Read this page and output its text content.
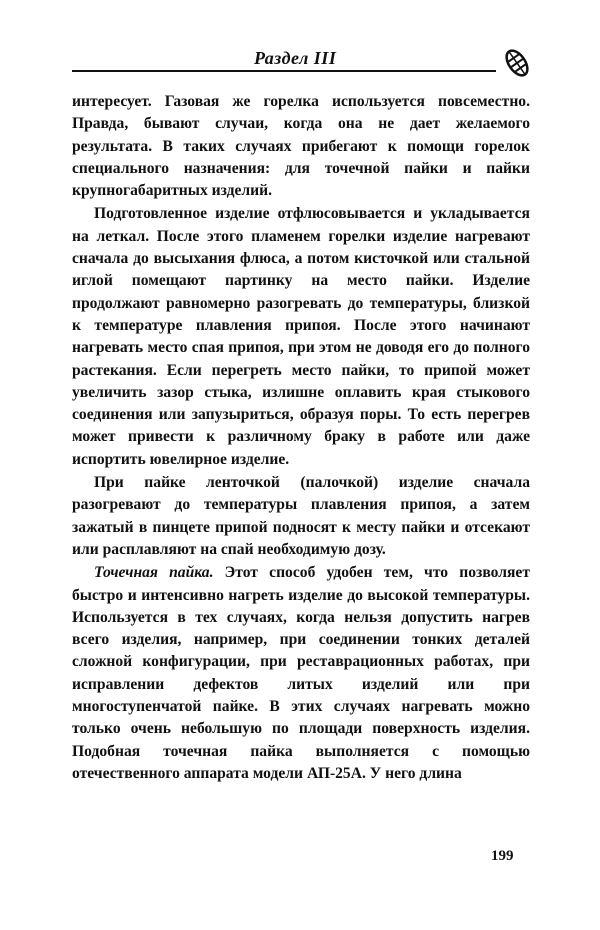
Раздел III

интересует. Газовая же горелка используется повсеместно. Правда, бывают случаи, когда она не дает желаемого результата. В таких случаях прибегают к помощи горелок специального назначения: для точечной пайки и пайки крупногабаритных изделий.

Подготовленное изделие отфлюсовывается и укладывается на леткал. После этого пламенем горелки изделие нагревают сначала до высыхания флюса, а потом кисточкой или стальной иглой помещают партинку на место пайки. Изделие продолжают равномерно разогревать до температуры, близкой к температуре плавления припоя. После этого начинают нагревать место спая припоя, при этом не доводя его до полного растекания. Если перегреть место пайки, то припой может увеличить зазор стыка, излишне оплавить края стыкового соединения или запузыриться, образуя поры. То есть перегрев может привести к различному браку в работе или даже испортить ювелирное изделие.

При пайке ленточкой (палочкой) изделие сначала разогревают до температуры плавления припоя, а затем зажатый в пинцете припой подносят к месту пайки и отсекают или расплавляют на спай необходимую дозу.

Точечная пайка. Этот способ удобен тем, что позволяет быстро и интенсивно нагреть изделие до высокой температуры. Используется в тех случаях, когда нельзя допустить нагрев всего изделия, например, при соединении тонких деталей сложной конфигурации, при реставрационных работах, при исправлении дефектов литых изделий или при многоступенчатой пайке. В этих случаях нагревать можно только очень небольшую по площади поверхность изделия. Подобная точечная пайка выполняется с помощью отечественного аппарата модели АП-25А. У него длина

199
